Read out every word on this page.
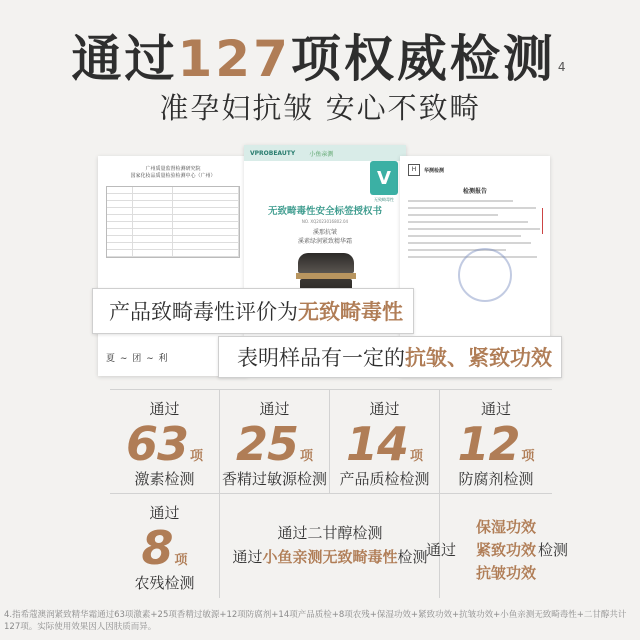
通过127项权威检测 $^4$
准孕妇抗皱 安心不致畸
广州质量监督检测研究院
国家化妆品质量检验检测中心（广州）
夏 ∼ 团 ∼ 利
VPROBEAUTY 小鱼亲测
V
无致畸毒性
无致畸毒性安全标签授权书
NO. XQ2023016802.04
溪那抗皱
溪素绿润紧致精华霜
H	华测检测
检测报告
产品致畸毒性评价为 无致畸毒性
表明样品有一定的 抗皱、紧致功效
通过
63 项
激素检测
通过
25 项
香精过敏源检测
通过
14 项
产品质检检测
通过
12 项
防腐剂检测
通过
8 项
农残检测
通过二甘醇检测
通过小鱼亲测无致畸毒性检测
通过
保湿功效
紧致功效
抗皱功效
检测
4.指希蔻澳润紧致精华霜通过63项激素+25项香精过敏源+12项防腐剂+14项产品质检+8项农残+保湿功效+紧致功效+抗皱功效+小鱼亲测无致畸毒性+二甘醇共计127项。实际使用效果因人因肤质而异。
